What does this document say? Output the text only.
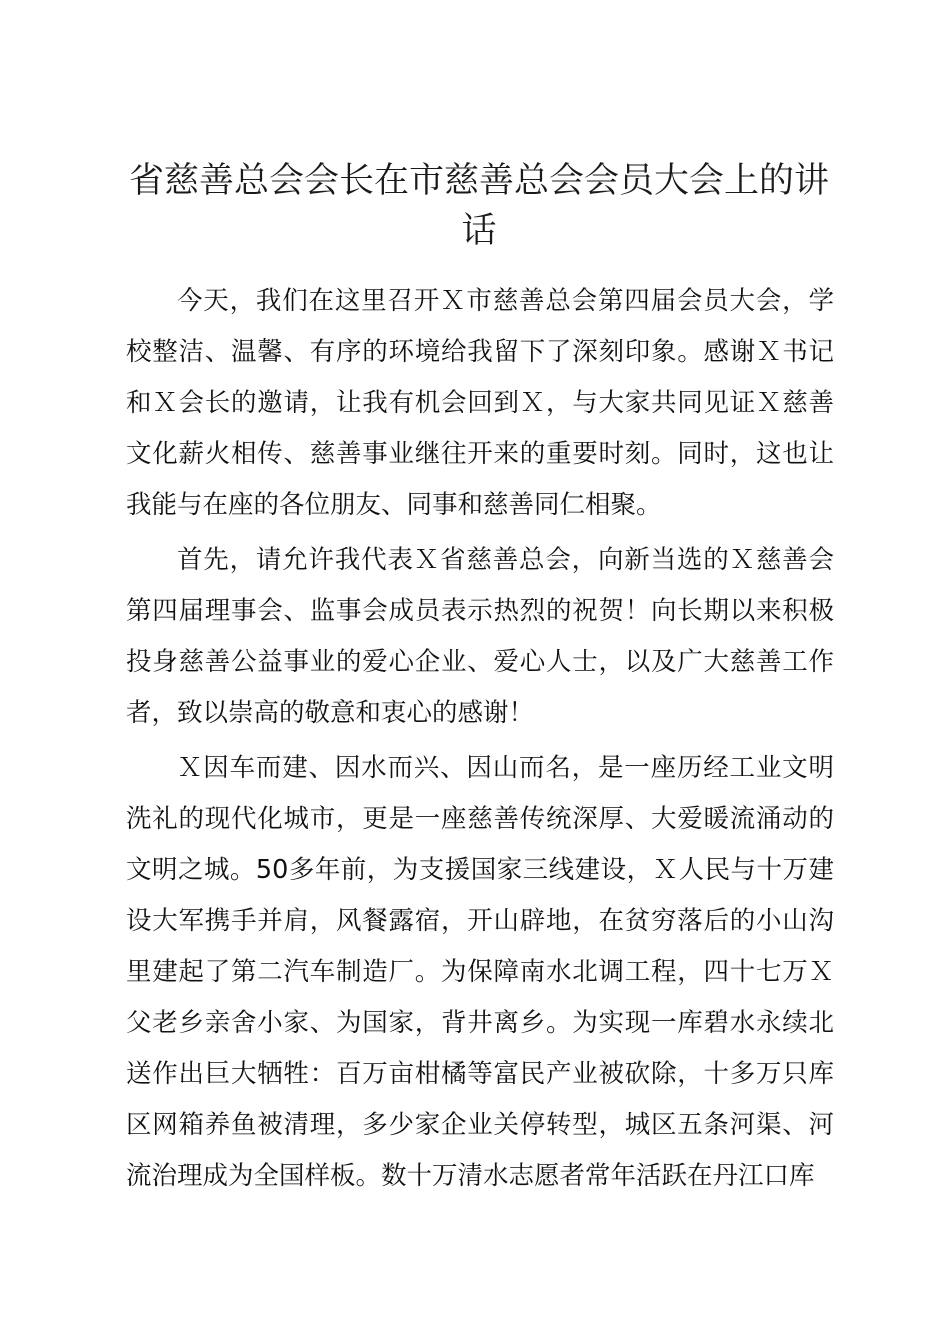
省慈善总会会长在市慈善总会会员大会上的讲话

今天，我们在这里召开Ｘ市慈善总会第四届会员大会，学校整洁、温馨、有序的环境给我留下了深刻印象。感谢Ｘ书记和Ｘ会长的邀请，让我有机会回到Ｘ，与大家共同见证Ｘ慈善文化薪火相传、慈善事业继往开来的重要时刻。同时，这也让我能与在座的各位朋友、同事和慈善同仁相聚。

首先，请允许我代表Ｘ省慈善总会，向新当选的Ｘ慈善会第四届理事会、监事会成员表示热烈的祝贺！向长期以来积极投身慈善公益事业的爱心企业、爱心人士，以及广大慈善工作者，致以崇高的敬意和衷心的感谢！

Ｘ因车而建、因水而兴、因山而名，是一座历经工业文明洗礼的现代化城市，更是一座慈善传统深厚、大爱暖流涌动的文明之城。50多年前，为支援国家三线建设，Ｘ人民与十万建设大军携手并肩，风餐露宿，开山辟地，在贫穷落后的小山沟里建起了第二汽车制造厂。为保障南水北调工程，四十七万Ｘ父老乡亲舍小家、为国家，背井离乡。为实现一库碧水永续北送作出巨大牺牲：百万亩柑橘等富民产业被砍除，十多万只库区网箱养鱼被清理，多少家企业关停转型，城区五条河渠、河流治理成为全国样板。数十万清水志愿者常年活跃在丹江口库
